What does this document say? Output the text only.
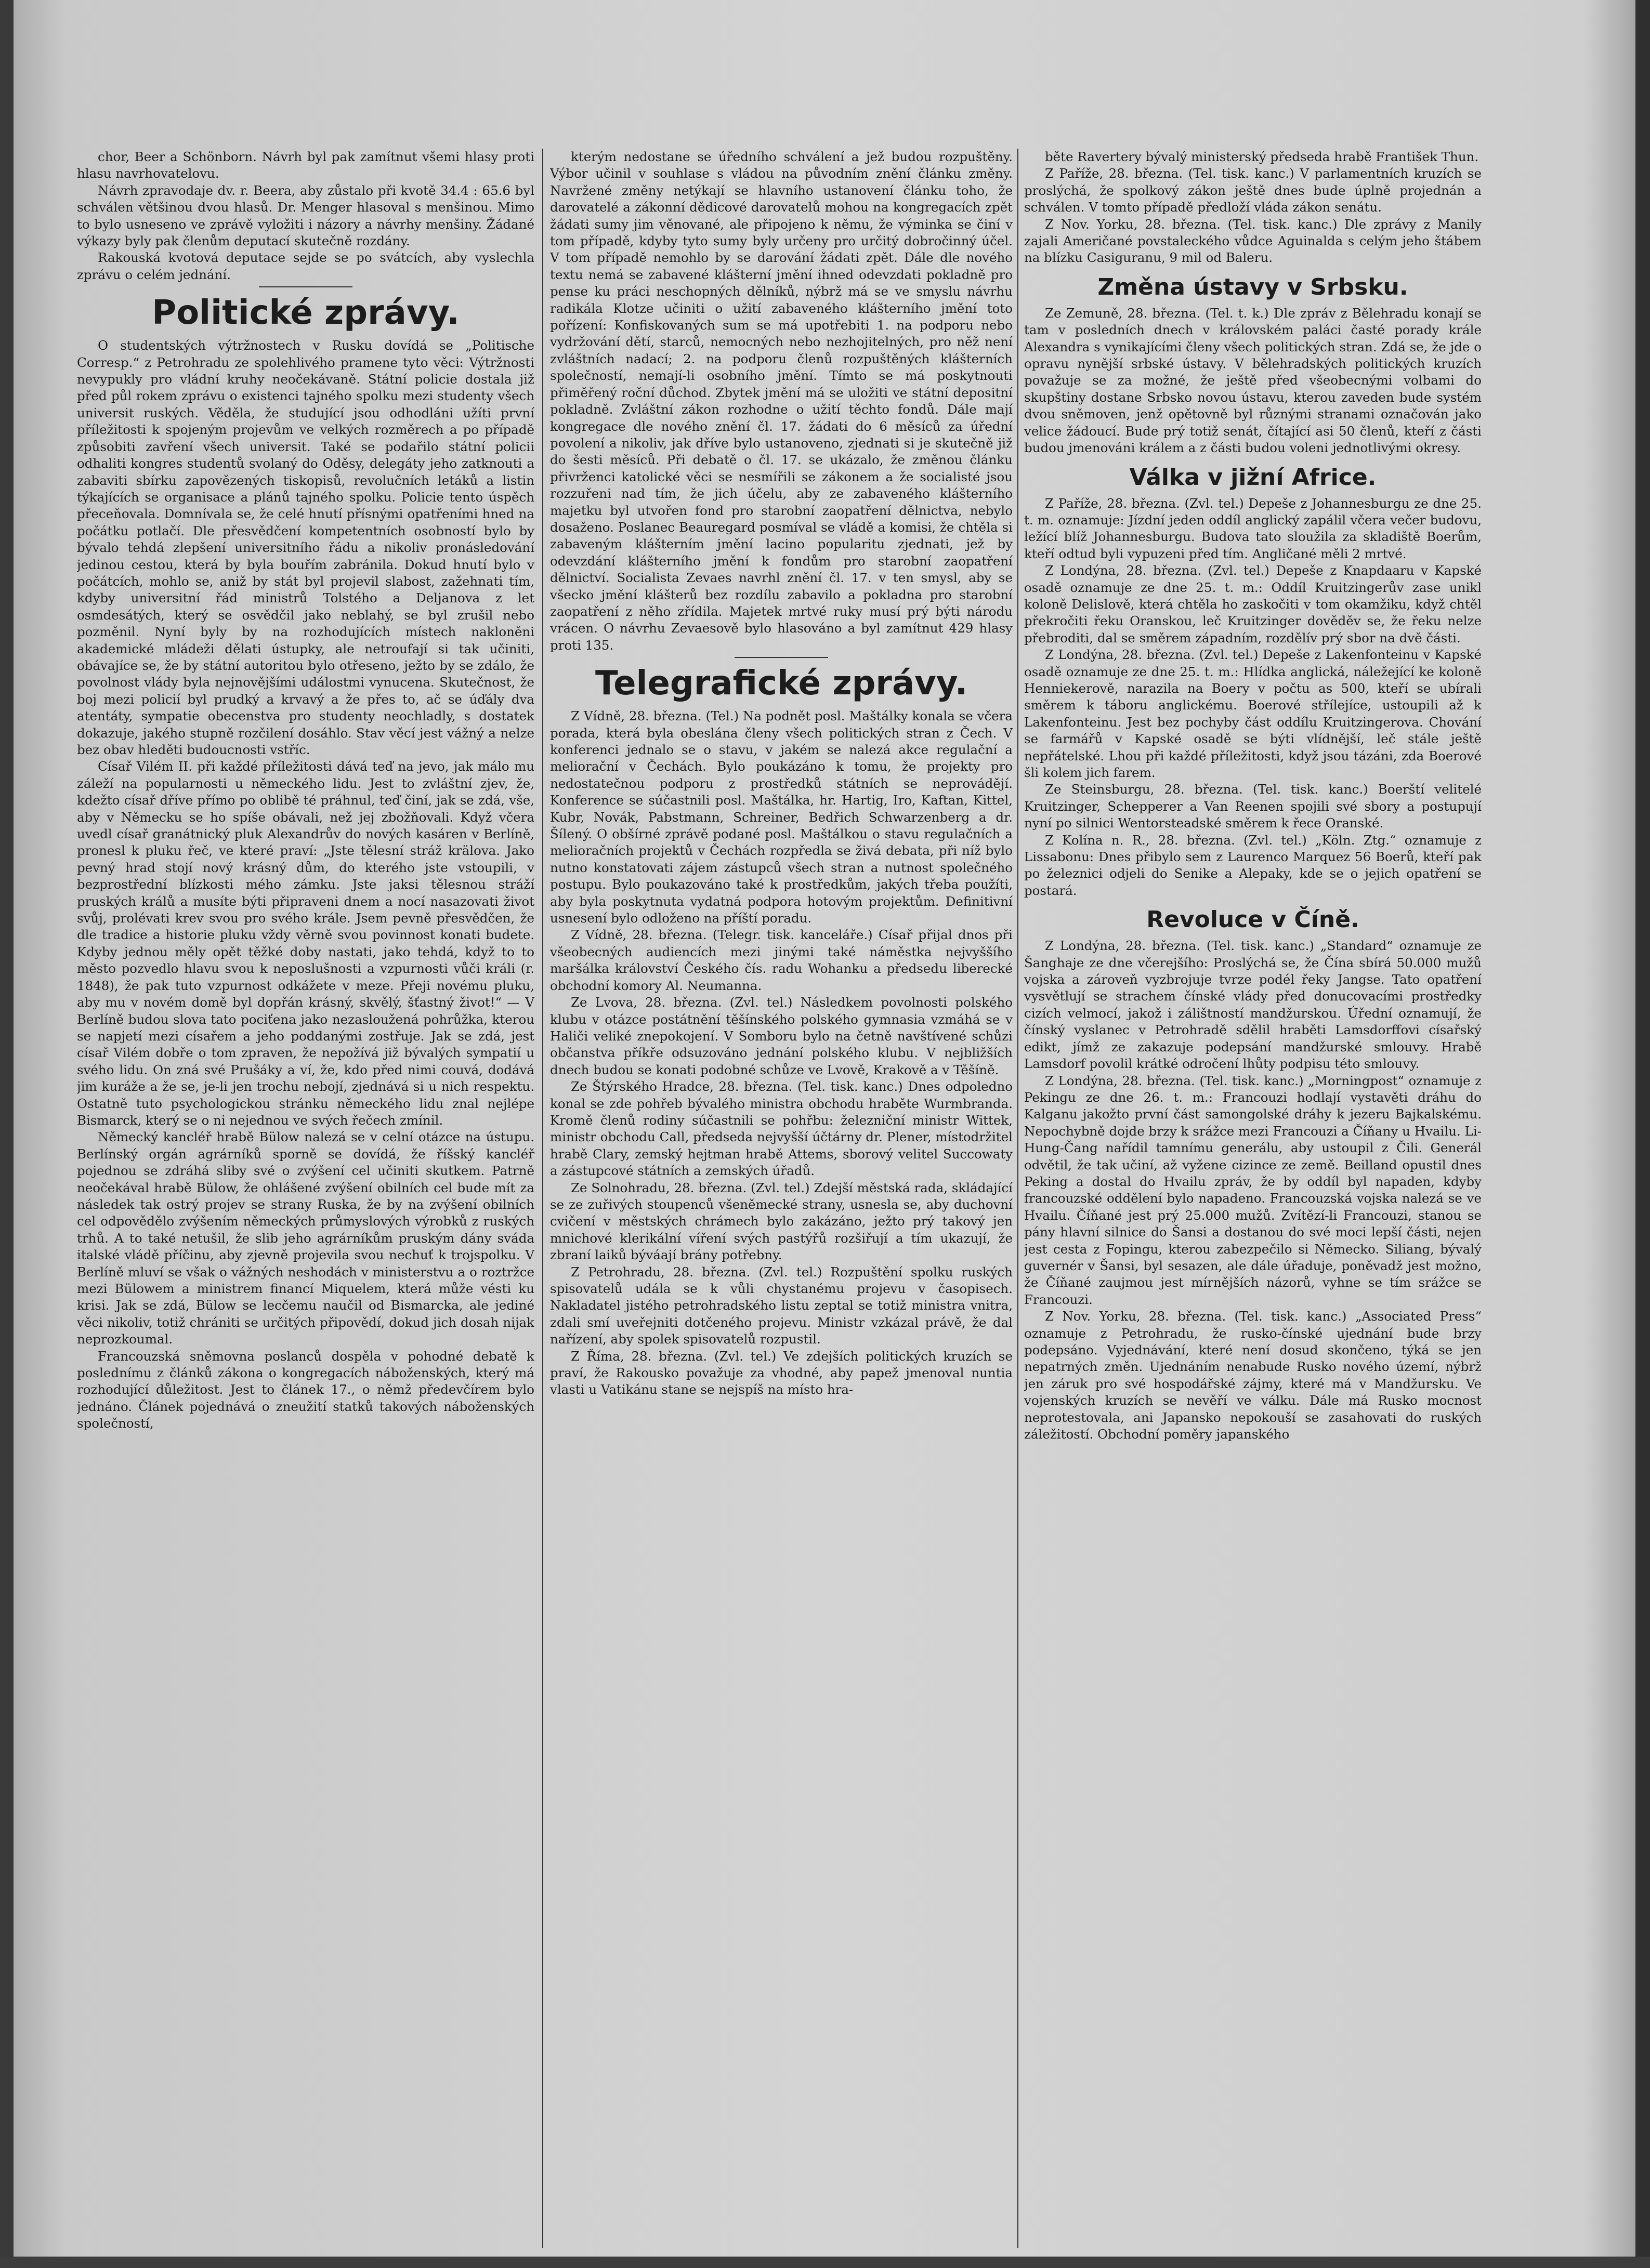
chor, Beer a Schönborn. Návrh byl pak zamítnut všemi hlasy proti hlasu navrhovatelovu.

Návrh zpravodaje dv. r. Beera, aby zůstalo při kvotě 34.4 : 65.6 byl schválen většinou dvou hlasů. Dr. Menger hlasoval s menšinou. Mimo to bylo usneseno ve zprávě vyložiti i názory a návrhy menšiny. Žádané výkazy byly pak členům deputací skutečně rozdány.

Rakouská kvotová deputace sejde se po svátcích, aby vyslechla zprávu o celém jednání.

Politické zprávy.

O studentských výtržnostech v Rusku dovídá se „Politische Corresp.“ z Petrohradu ze spolehlivého pramene tyto věci: Výtržnosti nevypukly pro vládní kruhy neočekávaně. Státní policie dostala již před půl rokem zprávu o existenci tajného spolku mezi studenty všech universit ruských. Věděla, že studující jsou odhodláni užíti první příležitosti k spojeným projevům ve velkých rozměrech a po případě způsobiti zavření všech universit. Také se podařilo státní policii odhaliti kongres studentů svolaný do Oděsy, delegáty jeho zatknouti a zabaviti sbírku zapovězených tiskopisů, revolučních letáků a listin týkajících se organisace a plánů tajného spolku. Policie tento úspěch přeceňovala. Domnívala se, že celé hnutí přísnými opatřeními hned na počátku potlačí. Dle přesvědčení kompetentních osobností bylo by bývalo tehdá zlepšení universitního řádu a nikoliv pronásledování jedinou cestou, která by byla bouřím zabránila. Dokud hnutí bylo v počátcích, mohlo se, aniž by stát byl projevil slabost, zažehnati tím, kdyby universitní řád ministrů Tolstého a Deljanova z let osmdesátých, který se osvědčil jako neblahý, se byl zrušil nebo pozměnil. Nyní byly by na rozhodujících místech nakloněni akademické mládeži dělati ústupky, ale netroufají si tak učiniti, obávajíce se, že by státní autoritou bylo otřeseno, ježto by se zdálo, že povolnost vlády byla nejnovějšími událostmi vynucena. Skutečnost, že boj mezi policií byl prudký a krvavý a že přes to, ač se úďály dva atentáty, sympatie obecenstva pro studenty neochladly, s dostatek dokazuje, jakého stupně rozčilení dosáhlo. Stav věcí jest vážný a nelze bez obav hleděti budoucnosti vstříc.

Císař Vilém II. při každé příležitosti dává teď na jevo, jak málo mu záleží na popularnosti u německého lidu. Jest to zvláštní zjev, že, kdežto císař dříve přímo po oblibě té práhnul, teď činí, jak se zdá, vše, aby v Německu se ho spíše obávali, než jej zbožňovali. Když včera uvedl císař granátnický pluk Alexandrův do nových kasáren v Berlíně, pronesl k pluku řeč, ve které praví: „Jste tělesní stráž krälova. Jako pevný hrad stojí nový krásný dům, do kterého jste vstoupili, v bezprostřední blízkosti mého zámku. Jste jaksi tělesnou stráží pruských králů a musíte býti připraveni dnem a nocí nasazovati život svůj, prolévati krev svou pro svého krále. Jsem pevně přesvědčen, že dle tradice a historie pluku vždy věrně svou povinnost konati budete. Kdyby jednou měly opět těžké doby nastati, jako tehdá, když to to město pozvedlo hlavu svou k neposlušnosti a vzpurnosti vůči králi (r. 1848), že pak tuto vzpurnost odkážete v meze. Přeji novému pluku, aby mu v novém domě byl dopřán krásný, skvělý, šťastný život!“ — V Berlíně budou slova tato pociťena jako nezasloužená pohrůžka, kterou se napjetí mezi císařem a jeho poddanými zostřuje. Jak se zdá, jest císař Vilém dobře o tom zpraven, že nepožívá již bývalých sympatií u svého lidu. On zná své Prušáky a ví, že, kdo před nimi couvá, dodává jim kuráže a že se, je-li jen trochu nebojí, zjednává si u nich respektu. Ostatně tuto psychologickou stránku německého lidu znal nejlépe Bismarck, který se o ni nejednou ve svých řečech zmínil.

Německý kancléř hrabě Bülow nalezá se v celní otázce na ústupu. Berlínský orgán agrárníků sporně se dovídá, že říšský kancléř pojednou se zdráhá sliby své o zvýšení cel učiniti skutkem. Patrně neočekával hrabě Bülow, že ohlášené zvýšení obilních cel bude mít za následek tak ostrý projev se strany Ruska, že by na zvýšení obilních cel odpovědělo zvýšením německých průmyslových výrobků z ruských trhů. A to také netušil, že slib jeho agrárníkům pruským dány sváda italské vládě příčinu, aby zjevně projevila svou nechuť k trojspolku. V Berlíně mluví se však o vážných neshodách v ministerstvu a o roztržce mezi Bülowem a ministrem financí Miquelem, která může vésti ku krisi. Jak se zdá, Bülow se lecčemu naučil od Bismarcka, ale jediné věci nikoliv, totiž chrániti se určitých připovědí, dokud jich dosah nijak neprozkoumal.

Francouzská sněmovna poslanců dospěla v pohodné debatě k poslednímu z článků zákona o kongregacích náboženských, který má rozhodující důležitost. Jest to článek 17., o němž předevčírem bylo jednáno. Článek pojednává o zneužití statků takových náboženských společností,

kterým nedostane se úředního schválení a jež budou rozpuštěny. Výbor učinil v souhlase s vládou na původním znění článku změny. Navržené změny netýkají se hlavního ustanovení článku toho, že darovatelé a zákonní dědicové darovatelů mohou na kongregacích zpět žádati sumy jim věnované, ale připojeno k němu, že výminka se činí v tom případě, kdyby tyto sumy byly určeny pro určitý dobročinný účel. V tom případě nemohlo by se darování žádati zpět. Dále dle nového textu nemá se zabavené klášterní jmění ihned odevzdati pokladně pro pense ku práci neschopných dělníků, nýbrž má se ve smyslu návrhu radikála Klotze učiniti o užití zabaveného klášterního jmění toto pořízení: Konfiskovaných sum se má upotřebiti 1. na podporu nebo vydržování dětí, starců, nemocných nebo nezhojitelných, pro něž není zvláštních nadací; 2. na podporu členů rozpuštěných klášterních společností, nemají-li osobního jmění. Tímto se má poskytnouti přiměřený roční důchod. Zbytek jmění má se uložiti ve státní depositní pokladně. Zvláštní zákon rozhodne o užití těchto fondů. Dále mají kongregace dle nového znění čl. 17. žádati do 6 měsíců za úřední povolení a nikoliv, jak dříve bylo ustanoveno, zjednati si je skutečně již do šesti měsíců. Při debatě o čl. 17. se ukázalo, že změnou článku přivrženci katolické věci se nesmířili se zákonem a že socialisté jsou rozzuřeni nad tím, že jich účelu, aby ze zabaveného klášterního majetku byl utvořen fond pro starobní zaopatření dělnictva, nebylo dosaženo. Poslanec Beauregard posmíval se vládě a komisi, že chtěla si zabaveným klášterním jmění lacino popularitu zjednati, jež by odevzdání klášterního jmění k fondům pro starobní zaopatření dělnictví. Socialista Zevaes navrhl znění čl. 17. v ten smysl, aby se všecko jmění klášterů bez rozdílu zabavilo a pokladna pro starobní zaopatření z něho zřídila. Majetek mrtvé ruky musí prý býti národu vrácen. O návrhu Zevaesově bylo hlasováno a byl zamítnut 429 hlasy proti 135.

Telegrafické zprávy.

Z Vídně, 28. března. (Tel.) Na podnět posl. Maštálky konala se včera porada, která byla obeslána členy všech politických stran z Čech. V konferenci jednalo se o stavu, v jakém se nalezá akce regulační a meliorační v Čechách. Bylo poukázáno k tomu, že projekty pro nedostatečnou podporu z prostředků státních se neprovádějí. Konference se súčastnili posl. Maštálka, hr. Hartig, Iro, Kaftan, Kittel, Kubr, Novák, Pabstmann, Schreiner, Bedřich Schwarzenberg a dr. Šílený. O obšírné zprávě podané posl. Maštálkou o stavu regulačních a melioračních projektů v Čechách rozpředla se živá debata, při níž bylo nutno konstatovati zájem zástupců všech stran a nutnost společného postupu. Bylo poukazováno také k prostředkům, jakých třeba použíti, aby byla poskytnuta vydatná podpora hotovým projektům. Definitivní usnesení bylo odloženo na příští poradu.

Z Vídně, 28. března. (Telegr. tisk. kanceláře.) Císař přijal dnos při všeobecných audiencích mezi jinými také náměstka nejvyššího maršálka království Českého čís. radu Wohanku a předsedu liberecké obchodní komory Al. Neumanna.

Ze Lvova, 28. března. (Zvl. tel.) Následkem povolnosti polského klubu v otázce postátnění těšínského polského gymnasia vzmáhá se v Haliči veliké znepokojení. V Somboru bylo na četně navštívené schůzi občanstva příkře odsuzováno jednání polského klubu. V nejbližších dnech budou se konati podobné schůze ve Lvově, Krakově a v Těšíně.

Ze Štýrského Hradce, 28. března. (Tel. tisk. kanc.) Dnes odpoledno konal se zde pohřeb bývalého ministra obchodu hraběte Wurmbranda. Kromě členů rodiny súčastnili se pohřbu: železniční ministr Wittek, ministr obchodu Call, předseda nejvyšší účtárny dr. Plener, místodržitel hrabě Clary, zemský hejtman hrabě Attems, sborový velitel Succowaty a zástupcové státních a zemských úřadů.

Ze Solnohradu, 28. března. (Zvl. tel.) Zdejší městská rada, skládající se ze zuřivých stoupenců všeněmecké strany, usnesla se, aby duchovní cvičení v městských chrámech bylo zakázáno, ježto prý takový jen mnichové klerikální víření svých pastýřů rozšiřují a tím ukazují, že zbraní laiků býváají brány potřebny.

Z Petrohradu, 28. března. (Zvl. tel.) Rozpuštění spolku ruských spisovatelů udála se k vůli chystanému projevu v časopisech. Nakladatel jistého petrohradského listu zeptal se totiž ministra vnitra, zdali smí uveřejniti dotčeného projevu. Ministr vzkázal právě, že dal nařízení, aby spolek spisovatelů rozpustil.

Z Říma, 28. března. (Zvl. tel.) Ve zdejších politických kruzích se praví, že Rakousko považuje za vhodné, aby papež jmenoval nuntia vlasti u Vatikánu stane se nejspíš na místo hra-

běte Ravertery bývalý ministerský předseda hrabě František Thun.

Z Paříže, 28. března. (Tel. tisk. kanc.) V parlamentních kruzích se proslýchá, že spolkový zákon ještě dnes bude úplně projednán a schválen. V tomto případě předloží vláda zákon senátu.

Z Nov. Yorku, 28. března. (Tel. tisk. kanc.) Dle zprávy z Manily zajali Američané povstaleckého vůdce Aguinalda s celým jeho štábem na blízku Casiguranu, 9 mil od Baleru.

Změna ústavy v Srbsku.

Ze Zemuně, 28. března. (Tel. t. k.) Dle zpráv z Bělehradu konají se tam v posledních dnech v královském paláci časté porady krále Alexandra s vynikajícími členy všech politických stran. Zdá se, že jde o opravu nynější srbské ústavy. V bělehradských politických kruzích považuje se za možné, že ještě před všeobecnými volbami do skupštiny dostane Srbsko novou ústavu, kterou zaveden bude systém dvou sněmoven, jenž opětovně byl různými stranami označován jako velice žádoucí. Bude prý totiž senát, čítající asi 50 členů, kteří z části budou jmenováni králem a z části budou voleni jednotlivými okresy.

Válka v jižní Africe.

Z Paříže, 28. března. (Zvl. tel.) Depeše z Johannesburgu ze dne 25. t. m. oznamuje: Jízdní jeden oddíl anglický zapálil včera večer budovu, ležící blíž Johannesburgu. Budova tato sloužila za skladiště Boerům, kteří odtud byli vypuzeni před tím. Angličané měli 2 mrtvé.

Z Londýna, 28. března. (Zvl. tel.) Depeše z Knapdaaru v Kapské osadě oznamuje ze dne 25. t. m.: Oddíl Kruitzingerův zase unikl koloně Delislově, která chtěla ho zaskočiti v tom okamžiku, když chtěl překročiti řeku Oranskou, leč Kruitzinger dověděv se, že řeku nelze přebroditi, dal se směrem západním, rozdělív prý sbor na dvě části.

Z Londýna, 28. března. (Zvl. tel.) Depeše z Lakenfonteinu v Kapské osadě oznamuje ze dne 25. t. m.: Hlídka anglická, náležející ke koloně Henniekerově, narazila na Boery v počtu as 500, kteří se ubírali směrem k táboru anglickému. Boerové střílejíce, ustoupili až k Lakenfonteinu. Jest bez pochyby část oddílu Kruitzingerova. Chování se farmářů v Kapské osadě se býti vlídnější, leč stále ještě nepřátelské. Lhou při každé příležitosti, když jsou tázáni, zda Boerové šli kolem jich farem.

Ze Steinsburgu, 28. března. (Tel. tisk. kanc.) Boerští velitelé Kruitzinger, Schepperer a Van Reenen spojili své sbory a postupují nyní po silnici Wentorsteadské směrem k řece Oranské.

Z Kolína n. R., 28. března. (Zvl. tel.) „Köln. Ztg.“ oznamuje z Lissabonu: Dnes přibylo sem z Laurenco Marquez 56 Boerů, kteří pak po železnici odjeli do Senike a Alepaky, kde se o jejich opatření se postará.

Revoluce v Číně.

Z Londýna, 28. března. (Tel. tisk. kanc.) „Standard“ oznamuje ze Šanghaje ze dne včerejšího: Proslýchá se, že Čína sbírá 50.000 mužů vojska a zároveň vyzbrojuje tvrze podél řeky Jangse. Tato opatření vysvětlují se strachem čínské vlády před donucovacími prostředky cizích velmocí, jakož i zálištností mandžurskou. Úřední oznamují, že čínský vyslanec v Petrohradě sdělil hraběti Lamsdorffovi císařský edikt, jímž ze zakazuje podepsání mandžurské smlouvy. Hrabě Lamsdorf povolil krátké odročení lhůty podpisu této smlouvy.

Z Londýna, 28. března. (Tel. tisk. kanc.) „Morningpost“ oznamuje z Pekingu ze dne 26. t. m.: Francouzi hodlají vystavěti dráhu do Kalganu jakožto první část samongolské dráhy k jezeru Bajkalskému. Nepochybně dojde brzy k srážce mezi Francouzi a Číňany u Hvailu. Li-Hung-Čang nařídil tamnímu generálu, aby ustoupil z Čili. Generál odvětil, že tak učiní, až vyžene cizince ze země. Beilland opustil dnes Peking a dostal do Hvailu zpráv, že by oddíl byl napaden, kdyby francouzské oddělení bylo napadeno. Francouzská vojska nalezá se ve Hvailu. Číňané jest prý 25.000 mužů. Zvítězí-li Francouzi, stanou se pány hlavní silnice do Šansi a dostanou do své moci lepší části, nejen jest cesta z Fopingu, kterou zabezpečilo si Německo. Siliang, bývalý guvernér v Šansi, byl sesazen, ale dále úřaduje, poněvadž jest možno, že Číňané zaujmou jest mírnějších názorů, vyhne se tím srážce se Francouzi.

Z Nov. Yorku, 28. března. (Tel. tisk. kanc.) „Associated Press“ oznamuje z Petrohradu, že rusko-čínské ujednání bude brzy podepsáno. Vyjednávání, které není dosud skončeno, týká se jen nepatrných změn. Ujednáním nenabude Rusko nového území, nýbrž jen záruk pro své hospodářské zájmy, které má v Mandžursku. Ve vojenských kruzích se nevěří ve válku. Dále má Rusko mocnost neprotestovala, ani Japansko nepokouší se zasahovati do ruských záležitostí. Obchodní poměry japanského
